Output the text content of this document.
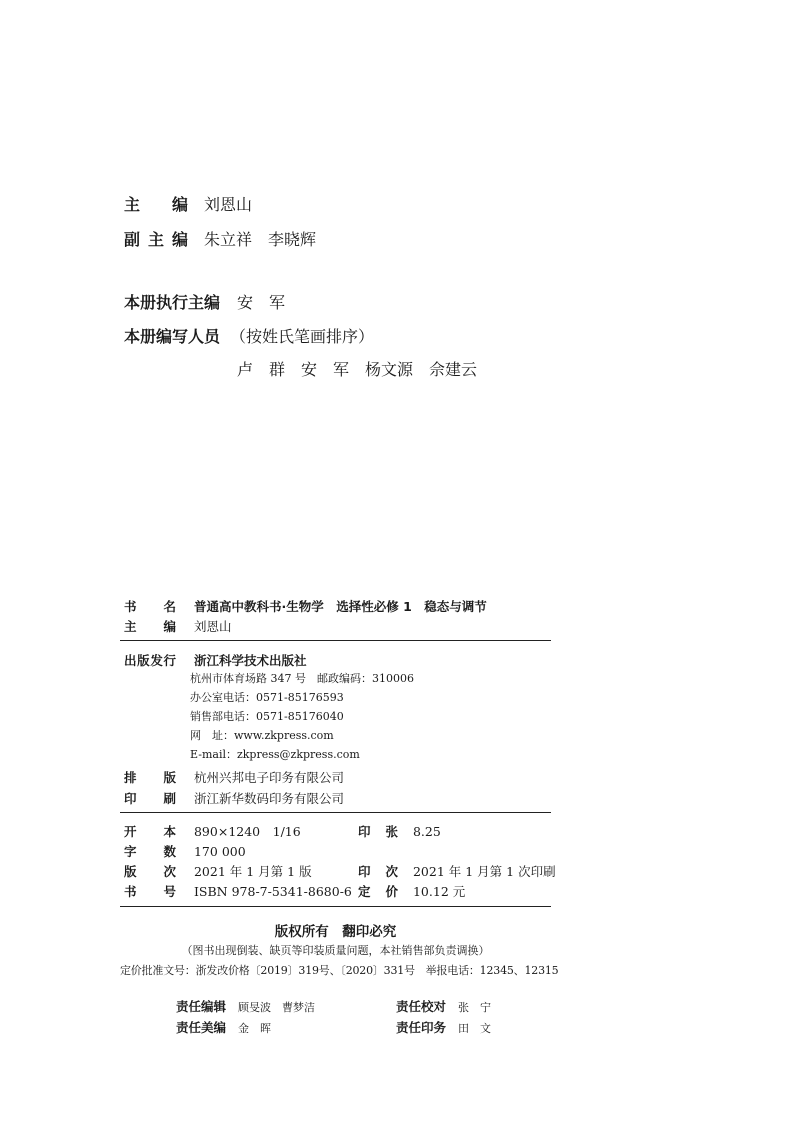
主编 刘恩山
副主编 朱立祥　李晓辉
本册执行主编 安　军
本册编写人员 （按姓氏笔画排序）
卢　群　安　军　杨文源　佘建云
书名 普通高中教科书·生物学　选择性必修 1　稳态与调节
主编 刘恩山
出版发行 浙江科学技术出版社
杭州市体育场路 347 号　邮政编码：310006
办公室电话：0571-85176593
销售部电话：0571-85176040
网　址：www.zkpress.com
E-mail：zkpress@zkpress.com
排版 杭州兴邦电子印务有限公司
印刷 浙江新华数码印务有限公司
开本 890×1240　1/16	印张 8.25
字数 170 000
版次 2021 年 1 月第 1 版	印次 2021 年 1 月第 1 次印刷
书号 ISBN 978-7-5341-8680-6 定价 10.12 元
版权所有　翻印必究
（图书出现倒装、缺页等印装质量问题，本社销售部负责调换）
定价批准文号：浙发改价格〔2019〕319号、〔2020〕331号　举报电话：12345、12315
责任编辑 顾旻波　曹梦洁	责任校对 张　宁
责任美编 金　晖	责任印务 田　文
